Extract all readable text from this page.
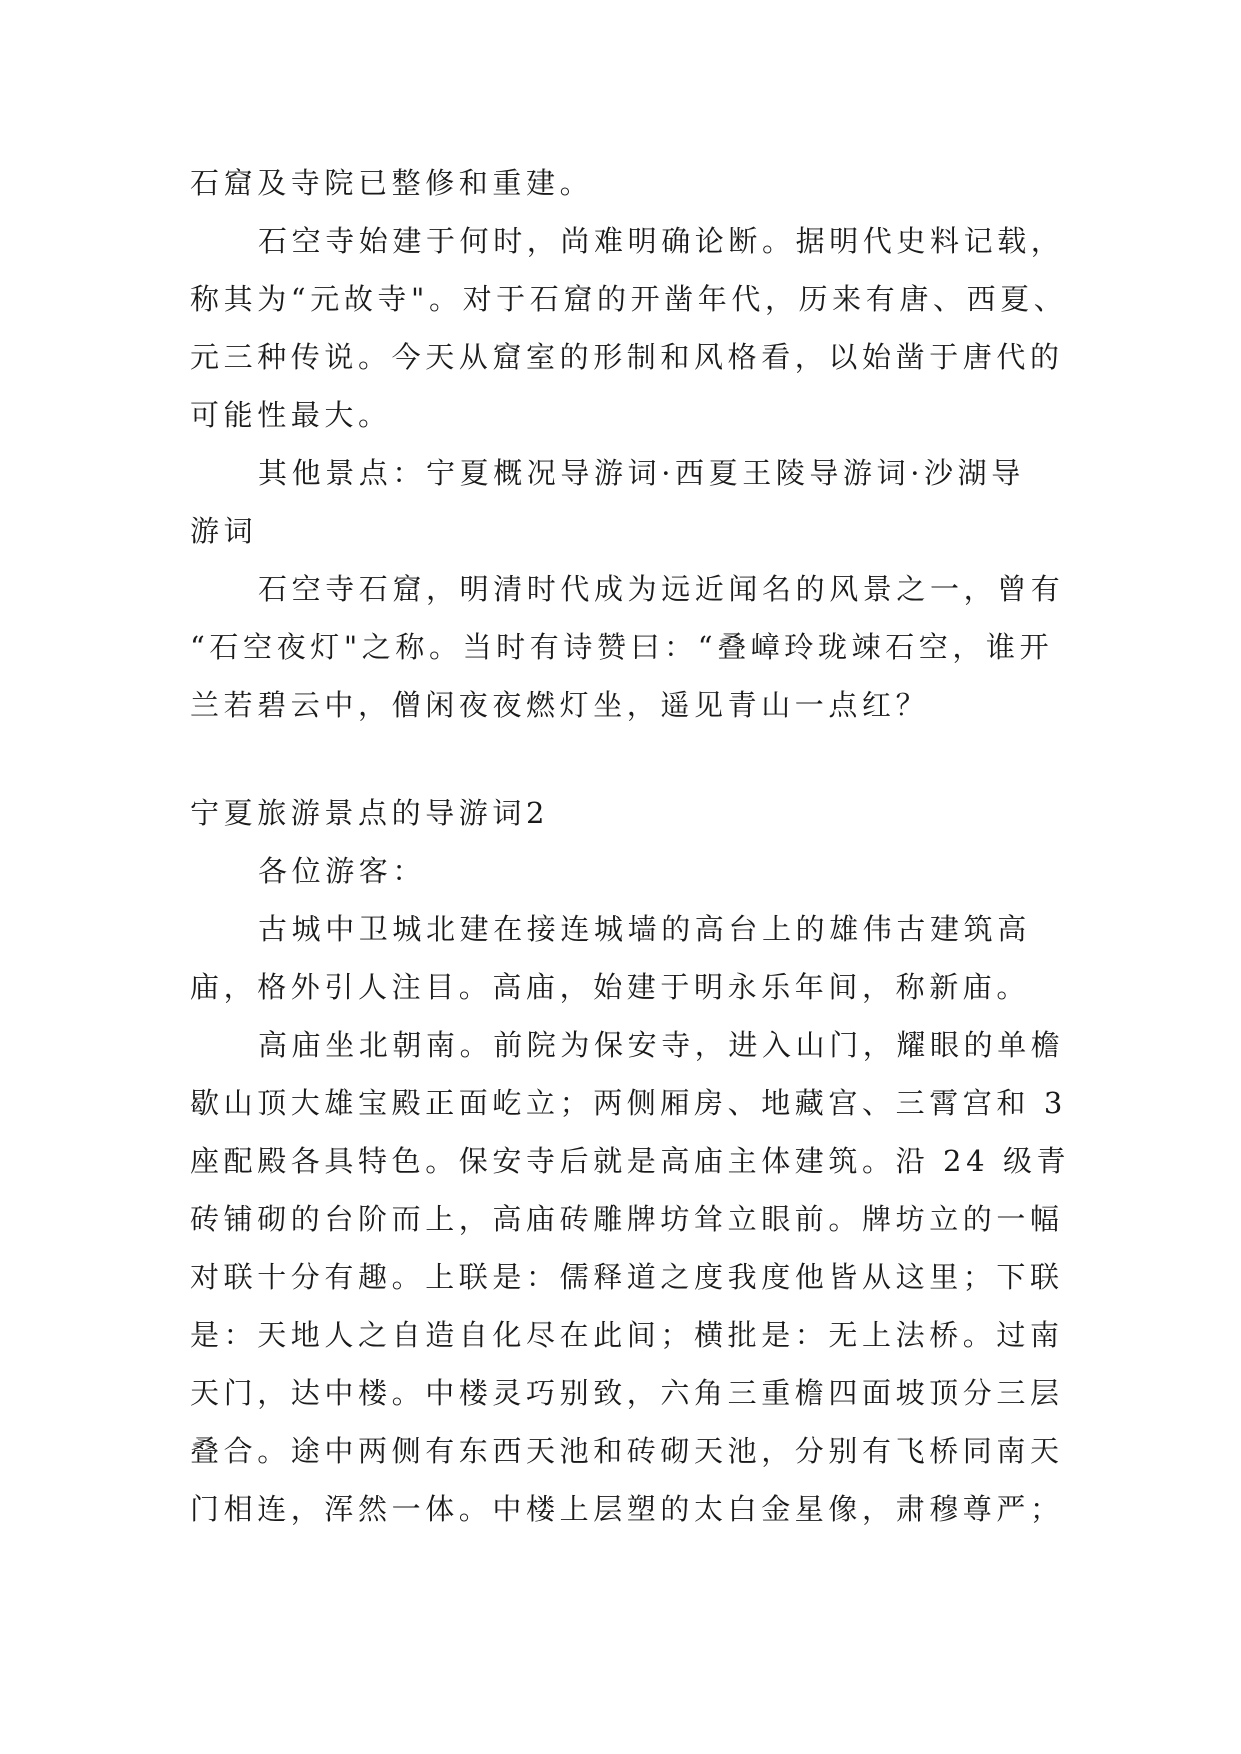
石窟及寺院已整修和重建。
石空寺始建于何时，尚难明确论断。据明代史料记载，
称其为“元故寺"。对于石窟的开凿年代，历来有唐、西夏、
元三种传说。今天从窟室的形制和风格看，以始凿于唐代的
可能性最大。
其他景点：宁夏概况导游词·西夏王陵导游词·沙湖导
游词
石空寺石窟，明清时代成为远近闻名的风景之一，曾有
“石空夜灯"之称。当时有诗赞曰：“叠嶂玲珑竦石空，谁开
兰若碧云中，僧闲夜夜燃灯坐，遥见青山一点红？
宁夏旅游景点的导游词2
各位游客：
古城中卫城北建在接连城墙的高台上的雄伟古建筑高
庙，格外引人注目。高庙，始建于明永乐年间，称新庙。
高庙坐北朝南。前院为保安寺，进入山门，耀眼的单檐
歇山顶大雄宝殿正面屹立；两侧厢房、地藏宫、三霄宫和 3
座配殿各具特色。保安寺后就是高庙主体建筑。沿 24 级青
砖铺砌的台阶而上，高庙砖雕牌坊耸立眼前。牌坊立的一幅
对联十分有趣。上联是：儒释道之度我度他皆从这里；下联
是：天地人之自造自化尽在此间；横批是：无上法桥。过南
天门，达中楼。中楼灵巧别致，六角三重檐四面坡顶分三层
叠合。途中两侧有东西天池和砖砌天池，分别有飞桥同南天
门相连，浑然一体。中楼上层塑的太白金星像，肃穆尊严；
